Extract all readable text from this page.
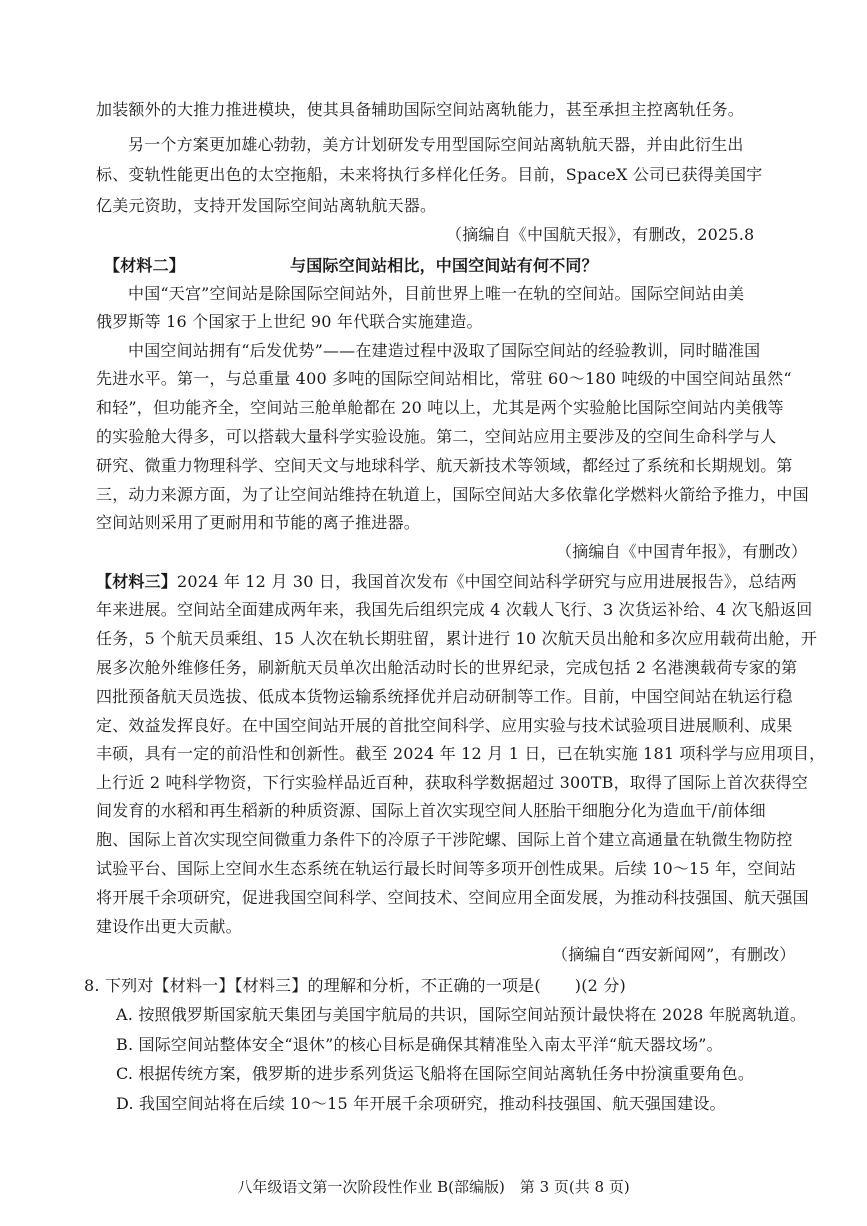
加装额外的大推力推进模块，使其具备辅助国际空间站离轨能力，甚至承担主控离轨任务。
另一个方案更加雄心勃勃，美方计划研发专用型国际空间站离轨航天器，并由此衍生出
标、变轨性能更出色的太空拖船，未来将执行多样化任务。目前，SpaceX 公司已获得美国宇
亿美元资助，支持开发国际空间站离轨航天器。
（摘编自《中国航天报》，有删改，2025.8
【材料二】	与国际空间站相比，中国空间站有何不同？
中国“天宫”空间站是除国际空间站外，目前世界上唯一在轨的空间站。国际空间站由美
俄罗斯等 16 个国家于上世纪 90 年代联合实施建造。
中国空间站拥有“后发优势”——在建造过程中汲取了国际空间站的经验教训，同时瞄准国
先进水平。第一，与总重量 400 多吨的国际空间站相比，常驻 60～180 吨级的中国空间站虽然“
和轻”，但功能齐全，空间站三舱单舱都在 20 吨以上，尤其是两个实验舱比国际空间站内美俄等
的实验舱大得多，可以搭载大量科学实验设施。第二，空间站应用主要涉及的空间生命科学与人
研究、微重力物理科学、空间天文与地球科学、航天新技术等领域，都经过了系统和长期规划。第
三，动力来源方面，为了让空间站维持在轨道上，国际空间站大多依靠化学燃料火箭给予推力，中国
空间站则采用了更耐用和节能的离子推进器。
（摘编自《中国青年报》，有删改）
【材料三】2024 年 12 月 30 日，我国首次发布《中国空间站科学研究与应用进展报告》，总结两
年来进展。空间站全面建成两年来，我国先后组织完成 4 次载人飞行、3 次货运补给、4 次飞船返回
任务，5 个航天员乘组、15 人次在轨长期驻留，累计进行 10 次航天员出舱和多次应用载荷出舱，开
展多次舱外维修任务，刷新航天员单次出舱活动时长的世界纪录，完成包括 2 名港澳载荷专家的第
四批预备航天员选拔、低成本货物运输系统择优并启动研制等工作。目前，中国空间站在轨运行稳
定、效益发挥良好。在中国空间站开展的首批空间科学、应用实验与技术试验项目进展顺利、成果
丰硕，具有一定的前沿性和创新性。截至 2024 年 12 月 1 日，已在轨实施 181 项科学与应用项目，
上行近 2 吨科学物资，下行实验样品近百种，获取科学数据超过 300TB，取得了国际上首次获得空
间发育的水稻和再生稻新的种质资源、国际上首次实现空间人胚胎干细胞分化为造血干/前体细
胞、国际上首次实现空间微重力条件下的冷原子干涉陀螺、国际上首个建立高通量在轨微生物防控
试验平台、国际上空间水生态系统在轨运行最长时间等多项开创性成果。后续 10～15 年，空间站
将开展千余项研究，促进我国空间科学、空间技术、空间应用全面发展，为推动科技强国、航天强国
建设作出更大贡献。
（摘编自“西安新闻网”，有删改）
8. 下列对【材料一】【材料三】的理解和分析，不正确的一项是( )(2 分)
A. 按照俄罗斯国家航天集团与美国宇航局的共识，国际空间站预计最快将在 2028 年脱离轨道。
B. 国际空间站整体安全“退休”的核心目标是确保其精准坠入南太平洋“航天器坟场”。
C. 根据传统方案，俄罗斯的进步系列货运飞船将在国际空间站离轨任务中扮演重要角色。
D. 我国空间站将在后续 10～15 年开展千余项研究，推动科技强国、航天强国建设。
八年级语文第一次阶段性作业 B(部编版)　第 3 页(共 8 页)
